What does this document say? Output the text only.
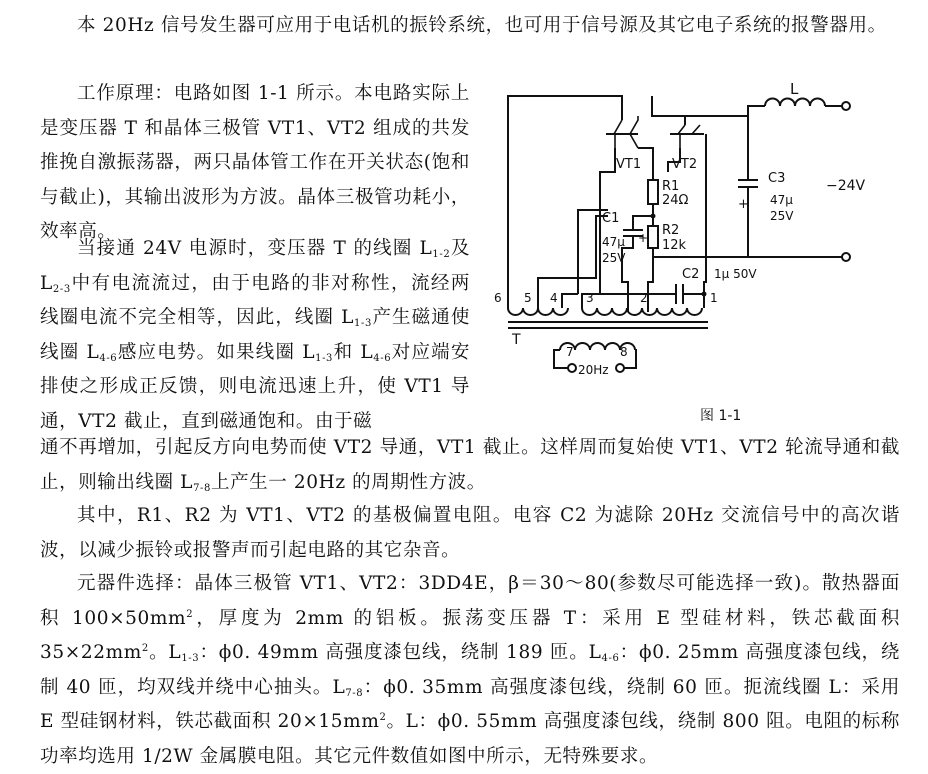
本 20Hz 信号发生器可应用于电话机的振铃系统，也可用于信号源及其它电子系统的报警器用。

工作原理：电路如图 1-1 所示。本电路实际上是变压器 T 和晶体三极管 VT1、VT2 组成的共发推挽自激振荡器，两只晶体管工作在开关状态(饱和与截止)，其输出波形为方波。晶体三极管功耗小，效率高。

当接通 24V 电源时，变压器 T 的线圈 $L_{1-2}$及 $L_{2-3}$中有电流流过，由于电路的非对称性，流经两线圈电流不完全相等，因此，线圈 $L_{1-3}$产生磁通使线圈 $L_{4-6}$感应电势。如果线圈 $L_{1-3}$和 $L_{4-6}$对应端安排使之形成正反馈，则电流迅速上升，使 VT1 导通，VT2 截止，直到磁通饱和。由于磁

通不再增加，引起反方向电势而使 VT2 导通，VT1 截止。这样周而复始使 VT1、VT2 轮流导通和截止，则输出线圈 $L_{7-8}$上产生一 20Hz 的周期性方波。

其中，R1、R2 为 VT1、VT2 的基极偏置电阻。电容 C2 为滤除 20Hz 交流信号中的高次谐波，以减少振铃或报警声而引起电路的其它杂音。

元器件选择：晶体三极管 VT1、VT2：3DD4E，β＝30～80(参数尽可能选择一致)。散热器面积 $100\times 50mm^2$，厚度为 2mm 的铝板。振荡变压器 T：采用 E 型硅材料，铁芯截面积 $35\times 22mm^2$。$L_{1-3}$：ϕ0. 49mm 高强度漆包线，绕制 189 匝。$L_{4-6}$：ϕ0. 25mm 高强度漆包线，绕制 40 匝，均双线并绕中心抽头。$L_{7-8}$：ϕ0. 35mm 高强度漆包线，绕制 60 匝。扼流线圈 L：采用 E 型硅钢材料，铁芯截面积 $20\times 15mm^2$。L：ϕ0. 55mm 高强度漆包线，绕制 800 阻。电阻的标称功率均选用 1/2W 金属膜电阻。其它元件数值如图中所示，无特殊要求。

L
VT1 VT2
R1
24Ω
R2
12k
C1
47μ
25V
+
C3
47μ
25V
+
C2 1μ 50V
−24V
6 5 4 3	2	1
T
7	8
20Hz
图 1-1
